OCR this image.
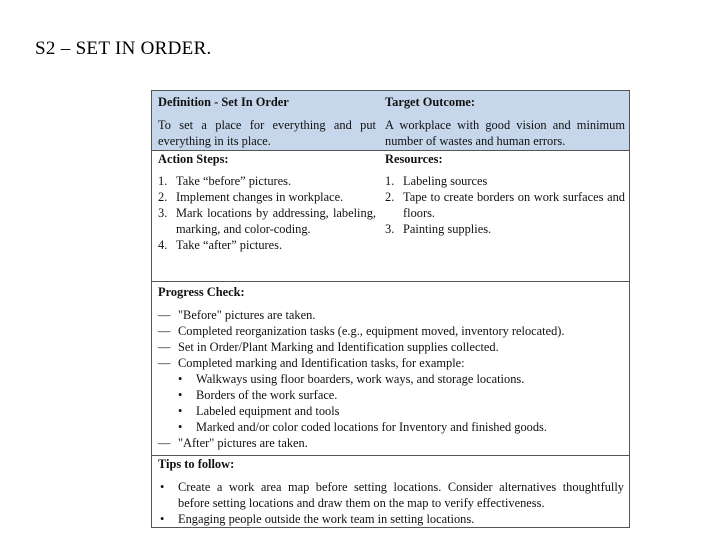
S2 – SET IN ORDER.
Definition - Set In Order	Target Outcome:
To set a place for everything and put everything in its place.
A workplace with good vision and minimum number of wastes and human errors.
Action Steps:
1. Take “before” pictures.
2. Implement changes in workplace.
3. Mark locations by addressing, labeling, marking, and color-coding.
4. Take “after” pictures.
Resources:
1. Labeling sources
2. Tape to create borders on work surfaces and floors.
3. Painting supplies.
Progress Check:
— "Before" pictures are taken.
— Completed reorganization tasks (e.g., equipment moved, inventory relocated).
— Set in Order/Plant Marking and Identification supplies collected.
— Completed marking and Identification tasks, for example:
• Walkways using floor boarders, work ways, and storage locations.
• Borders of the work surface.
• Labeled equipment and tools
• Marked and/or color coded locations for Inventory and finished goods.
— "After" pictures are taken.
Tips to follow:
• Create a work area map before setting locations. Consider alternatives thoughtfully before setting locations and draw them on the map to verify effectiveness.
• Engaging people outside the work team in setting locations.
